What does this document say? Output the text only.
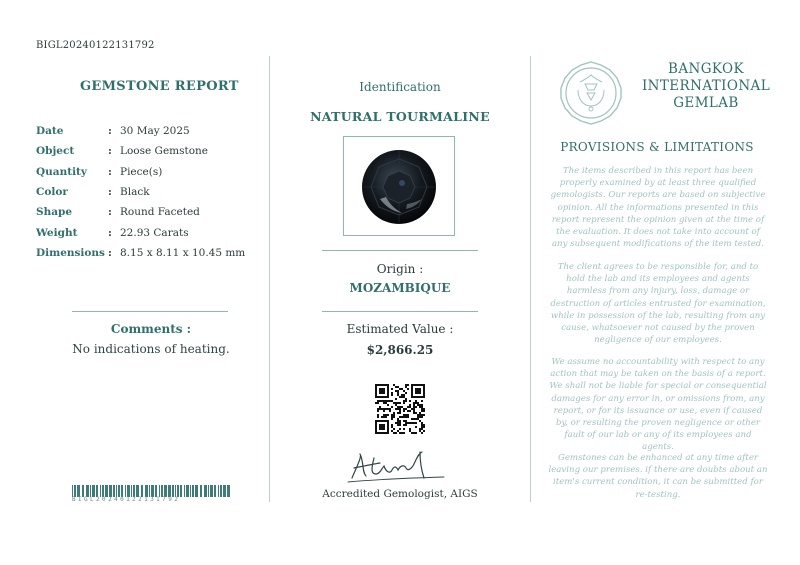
BIGL20240122131792
GEMSTONE REPORT
Date	:	30 May 2025
Object	:	Loose Gemstone
Quantity	:	Piece(s)
Color	:	Black
Shape	:	Round Faceted
Weight	:	22.93 Carats
Dimensions	:	8.15 x 8.11 x 10.45 mm
Comments :
No indications of heating.
BIGL20240122131792
Identification
NATURAL TOURMALINE
Origin :
MOZAMBIQUE
Estimated Value :
$2,866.25
Accredited Gemologist, AIGS
BANGKOK
INTERNATIONAL
GEMLAB
PROVISIONS & LIMITATIONS
The items described in this report has been properly examined by at least three qualified gemologists. Our reports are based on subjective opinion. All the informations presented in this report represent the opinion given at the time of the evaluation. It does not take into account of any subsequent modifications of the item tested.
The client agrees to be responsible for, and to hold the lab and its employees and agents harmless from any injury, loss, damage or destruction of articles entrusted for examination, while in possession of the lab, resulting from any cause, whatsoever not caused by the proven negligence of our employees.
We assume no accountability with respect to any action that may be taken on the basis of a report. We shall not be liable for special or consequential damages for any error in, or omissions from, any report, or for its issuance or use, even if caused by, or resulting the proven negligence or other fault of our lab or any of its employees and agents.
Gemstones can be enhanced at any time after leaving our premises. if there are doubts about an item's current condition, it can be submitted for re-testing.
